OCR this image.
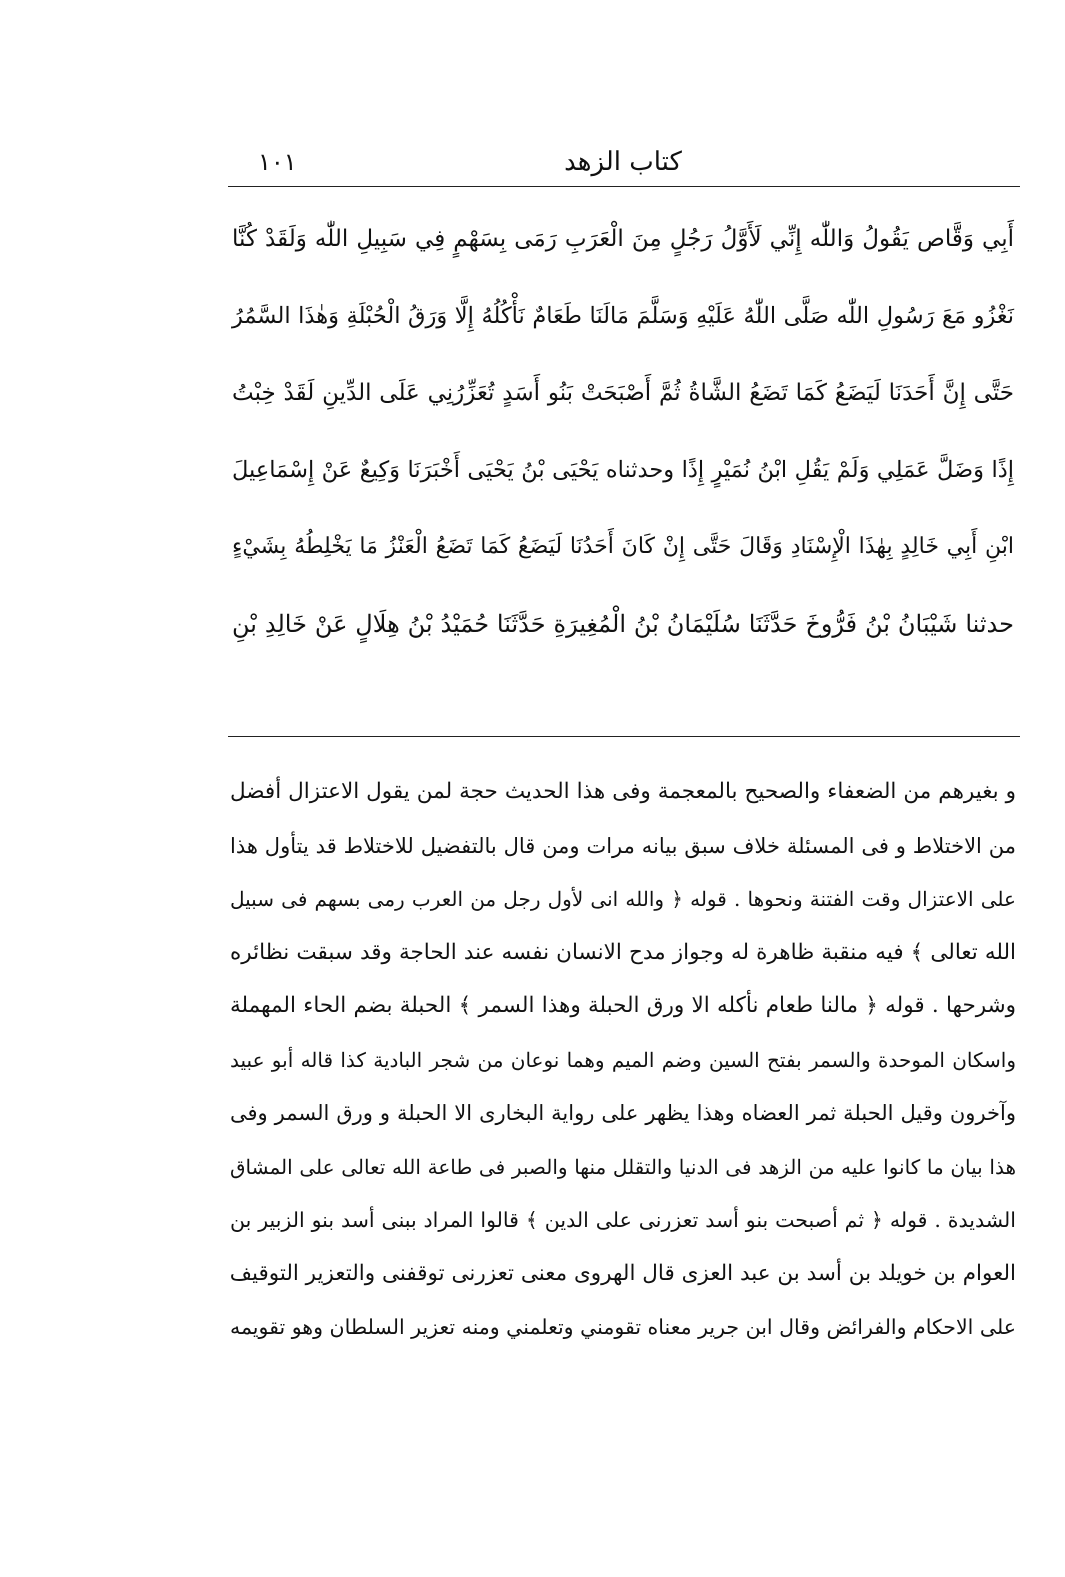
١٠١	كتاب الزهد
أَبِي وَقَّاص يَقُولُ وَاللّٰه إِنِّي لَأَوَّلُ رَجُلٍ مِنَ الْعَرَبِ رَمَى بِسَهْمٍ فِي سَبِيلِ اللّٰه وَلَقَدْ كُنَّا
نَغْزُو مَعَ رَسُولِ اللّٰه صَلَّى اللّٰهُ عَلَيْهِ وَسَلَّمَ مَالَنَا طَعَامٌ نَأْكُلُهُ إِلَّا وَرَقُ الْحُبْلَةِ وَهٰذَا السَّمُرُ
حَتَّى إِنَّ أَحَدَنَا لَيَضَعُ كَمَا تَضَعُ الشَّاةُ ثُمَّ أَصْبَحَتْ بَنُو أَسَدٍ تُعَزِّرُنِي عَلَى الدِّينِ لَقَدْ خِبْتُ
إِذًا وَضَلَّ عَمَلِي وَلَمْ يَقُلِ ابْنُ نُمَيْرٍ إِذًا وحدثناه يَحْيَى بْنُ يَحْيَى أَخْبَرَنَا وَكِيعٌ عَنْ إِسْمَاعِيلَ
ابْنِ أَبِي خَالِدٍ بِهٰذَا الْإِسْنَادِ وَقَالَ حَتَّى إِنْ كَانَ أَحَدُنَا لَيَضَعُ كَمَا تَضَعُ الْعَنْزُ مَا يَخْلِطُهُ بِشَيْءٍ
حدثنا شَيْبَانُ بْنُ فَرُّوخَ حَدَّثَنَا سُلَيْمَانُ بْنُ الْمُغِيرَةِ حَدَّثَنَا حُمَيْدُ بْنُ هِلَالٍ عَنْ خَالِدِ بْنِ
و بغيرهم من الضعفاء والصحيح بالمعجمة وفى هذا الحديث حجة لمن يقول الاعتزال أفضل
من الاختلاط و فى المسئلة خلاف سبق بيانه مرات ومن قال بالتفضيل للاختلاط قد يتأول هذا
على الاعتزال وقت الفتنة ونحوها . قوله ﴿ والله انى لأول رجل من العرب رمى بسهم فى سبيل
الله تعالى ﴾ فيه منقبة ظاهرة له وجواز مدح الانسان نفسه عند الحاجة وقد سبقت نظائره
وشرحها . قوله ﴿ مالنا طعام نأكله الا ورق الحبلة وهذا السمر ﴾ الحبلة بضم الحاء المهملة
واسكان الموحدة والسمر بفتح السين وضم الميم وهما نوعان من شجر البادية كذا قاله أبو عبيد
وآخرون وقيل الحبلة ثمر العضاه وهذا يظهر على رواية البخارى الا الحبلة و ورق السمر وفى
هذا بيان ما كانوا عليه من الزهد فى الدنيا والتقلل منها والصبر فى طاعة الله تعالى على المشاق
الشديدة . قوله ﴿ ثم أصبحت بنو أسد تعزرنى على الدين ﴾ قالوا المراد ببنى أسد بنو الزبير بن
العوام بن خويلد بن أسد بن عبد العزى قال الهروى معنى تعزرنى توقفنى والتعزير التوقيف
على الاحكام والفرائض وقال ابن جرير معناه تقومني وتعلمني ومنه تعزير السلطان وهو تقويمه
